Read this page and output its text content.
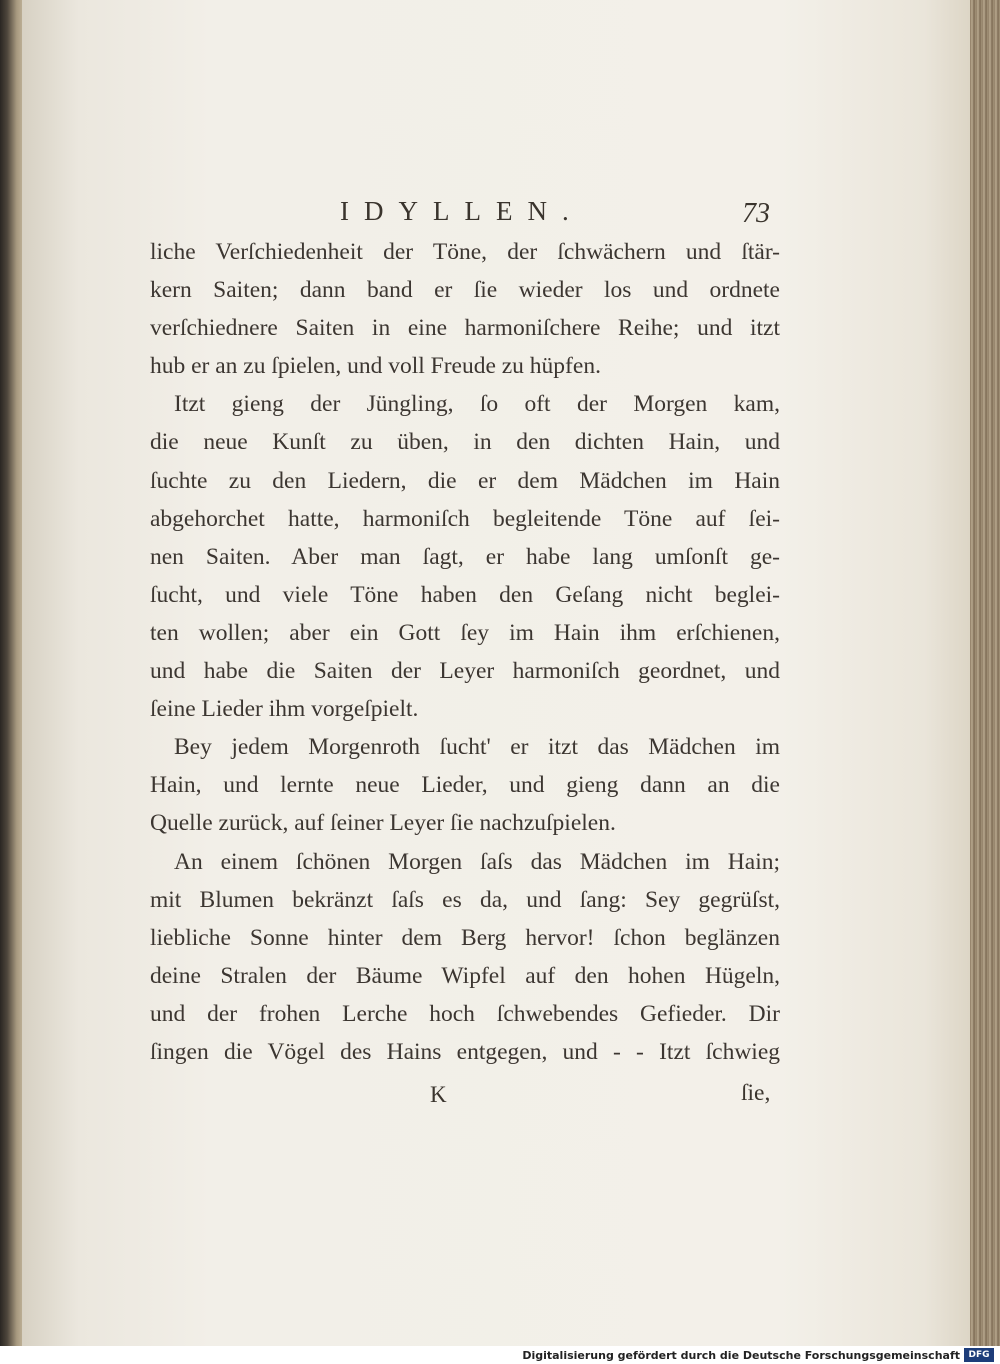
IDYLLEN.	73
liche Verſchiedenheit der Töne, der ſchwächern und ſtär-
kern Saiten; dann band er ſie wieder los und ordnete
verſchiednere Saiten in eine harmoniſchere Reihe; und itzt
hub er an zu ſpielen, und voll Freude zu hüpfen.
Itzt gieng der Jüngling, ſo oft der Morgen kam,
die neue Kunſt zu üben, in den dichten Hain, und
ſuchte zu den Liedern, die er dem Mädchen im Hain
abgehorchet hatte, harmoniſch begleitende Töne auf ſei-
nen Saiten. Aber man ſagt, er habe lang umſonſt ge-
ſucht, und viele Töne haben den Geſang nicht beglei-
ten wollen; aber ein Gott ſey im Hain ihm erſchienen,
und habe die Saiten der Leyer harmoniſch geordnet, und
ſeine Lieder ihm vorgeſpielt.
Bey jedem Morgenroth ſucht' er itzt das Mädchen im
Hain, und lernte neue Lieder, und gieng dann an die
Quelle zurück, auf ſeiner Leyer ſie nachzuſpielen.
An einem ſchönen Morgen ſaſs das Mädchen im Hain;
mit Blumen bekränzt ſaſs es da, und ſang: Sey gegrüſst,
liebliche Sonne hinter dem Berg hervor! ſchon beglänzen
deine Stralen der Bäume Wipfel auf den hohen Hügeln,
und der frohen Lerche hoch ſchwebendes Gefieder. Dir
ſingen die Vögel des Hains entgegen, und - - Itzt ſchwieg
K	ſie,
Digitalisierung gefördert durch die Deutsche Forschungsgemeinschaft DFG
